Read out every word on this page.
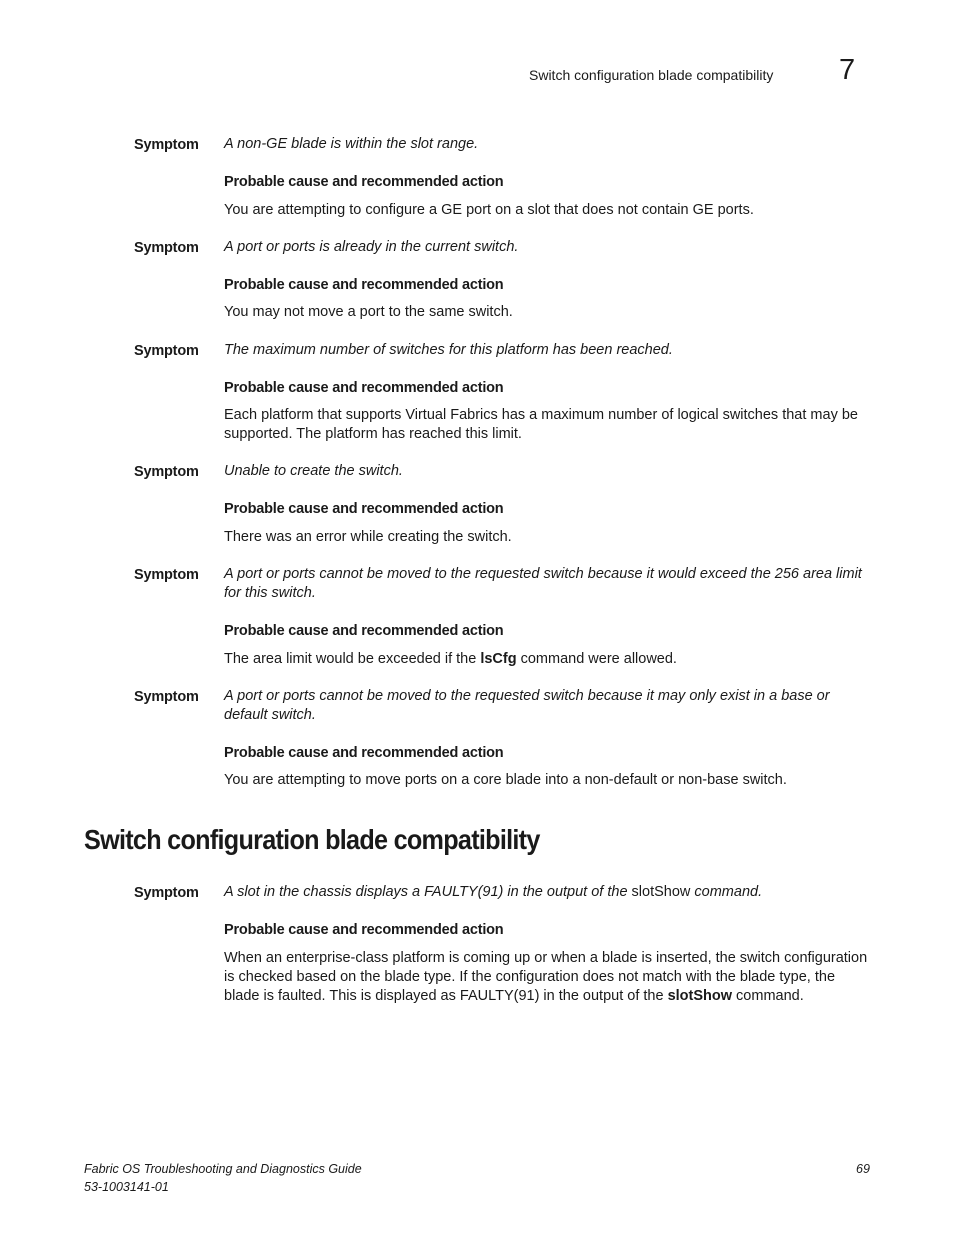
Switch configuration blade compatibility 7
Symptom A non-GE blade is within the slot range.
Probable cause and recommended action
You are attempting to configure a GE port on a slot that does not contain GE ports.
Symptom A port or ports is already in the current switch.
Probable cause and recommended action
You may not move a port to the same switch.
Symptom The maximum number of switches for this platform has been reached.
Probable cause and recommended action
Each platform that supports Virtual Fabrics has a maximum number of logical switches that may be supported. The platform has reached this limit.
Symptom Unable to create the switch.
Probable cause and recommended action
There was an error while creating the switch.
Symptom A port or ports cannot be moved to the requested switch because it would exceed the 256 area limit for this switch.
Probable cause and recommended action
The area limit would be exceeded if the lsCfg command were allowed.
Symptom A port or ports cannot be moved to the requested switch because it may only exist in a base or default switch.
Probable cause and recommended action
You are attempting to move ports on a core blade into a non-default or non-base switch.
Switch configuration blade compatibility
Symptom A slot in the chassis displays a FAULTY(91) in the output of the slotShow command.
Probable cause and recommended action
When an enterprise-class platform is coming up or when a blade is inserted, the switch configuration is checked based on the blade type. If the configuration does not match with the blade type, the blade is faulted. This is displayed as FAULTY(91) in the output of the slotShow command.
Fabric OS Troubleshooting and Diagnostics Guide
53-1003141-01
69
